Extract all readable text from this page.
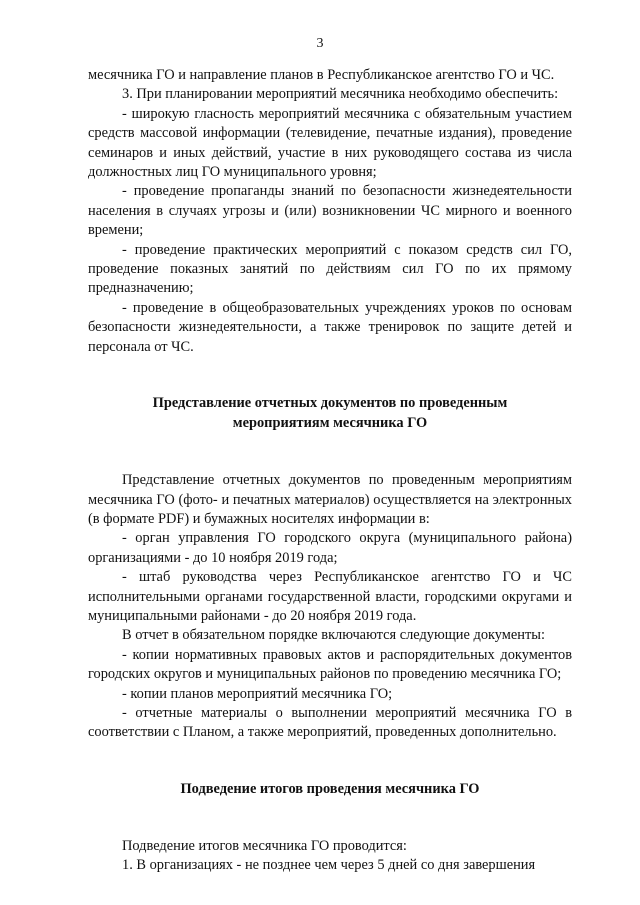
3

месячника ГО и направление планов в Республиканское агентство ГО и ЧС.

3. При планировании мероприятий месячника необходимо обеспечить:

- широкую гласность мероприятий месячника с обязательным участием средств массовой информации (телевидение, печатные издания), проведение семинаров и иных действий, участие в них руководящего состава из числа должностных лиц ГО муниципального уровня;

- проведение пропаганды знаний по безопасности жизнедеятельности населения в случаях угрозы и (или) возникновении ЧС мирного и военного времени;

- проведение практических мероприятий с показом средств сил ГО, проведение показных занятий по действиям сил ГО по их прямому предназначению;

- проведение в общеобразовательных учреждениях уроков по основам безопасности жизнедеятельности, а также тренировок по защите детей и персонала от ЧС.

Представление отчетных документов по проведенным
мероприятиям месячника ГО

Представление отчетных документов по проведенным мероприятиям месячника ГО (фото- и печатных материалов) осуществляется на электронных (в формате PDF) и бумажных носителях информации в:

- орган управления ГО городского округа (муниципального района) организациями - до 10 ноября 2019 года;

- штаб руководства через Республиканское агентство ГО и ЧС исполнительными органами государственной власти, городскими округами и муниципальными районами - до 20 ноября 2019 года.

В отчет в обязательном порядке включаются следующие документы:

- копии нормативных правовых актов и распорядительных документов городских округов и муниципальных районов по проведению месячника ГО;

- копии планов мероприятий месячника ГО;

- отчетные материалы о выполнении мероприятий месячника ГО в соответствии с Планом, а также мероприятий, проведенных дополнительно.

Подведение итогов проведения месячника ГО

Подведение итогов месячника ГО проводится:

1. В организациях - не позднее чем через 5 дней со дня завершения
